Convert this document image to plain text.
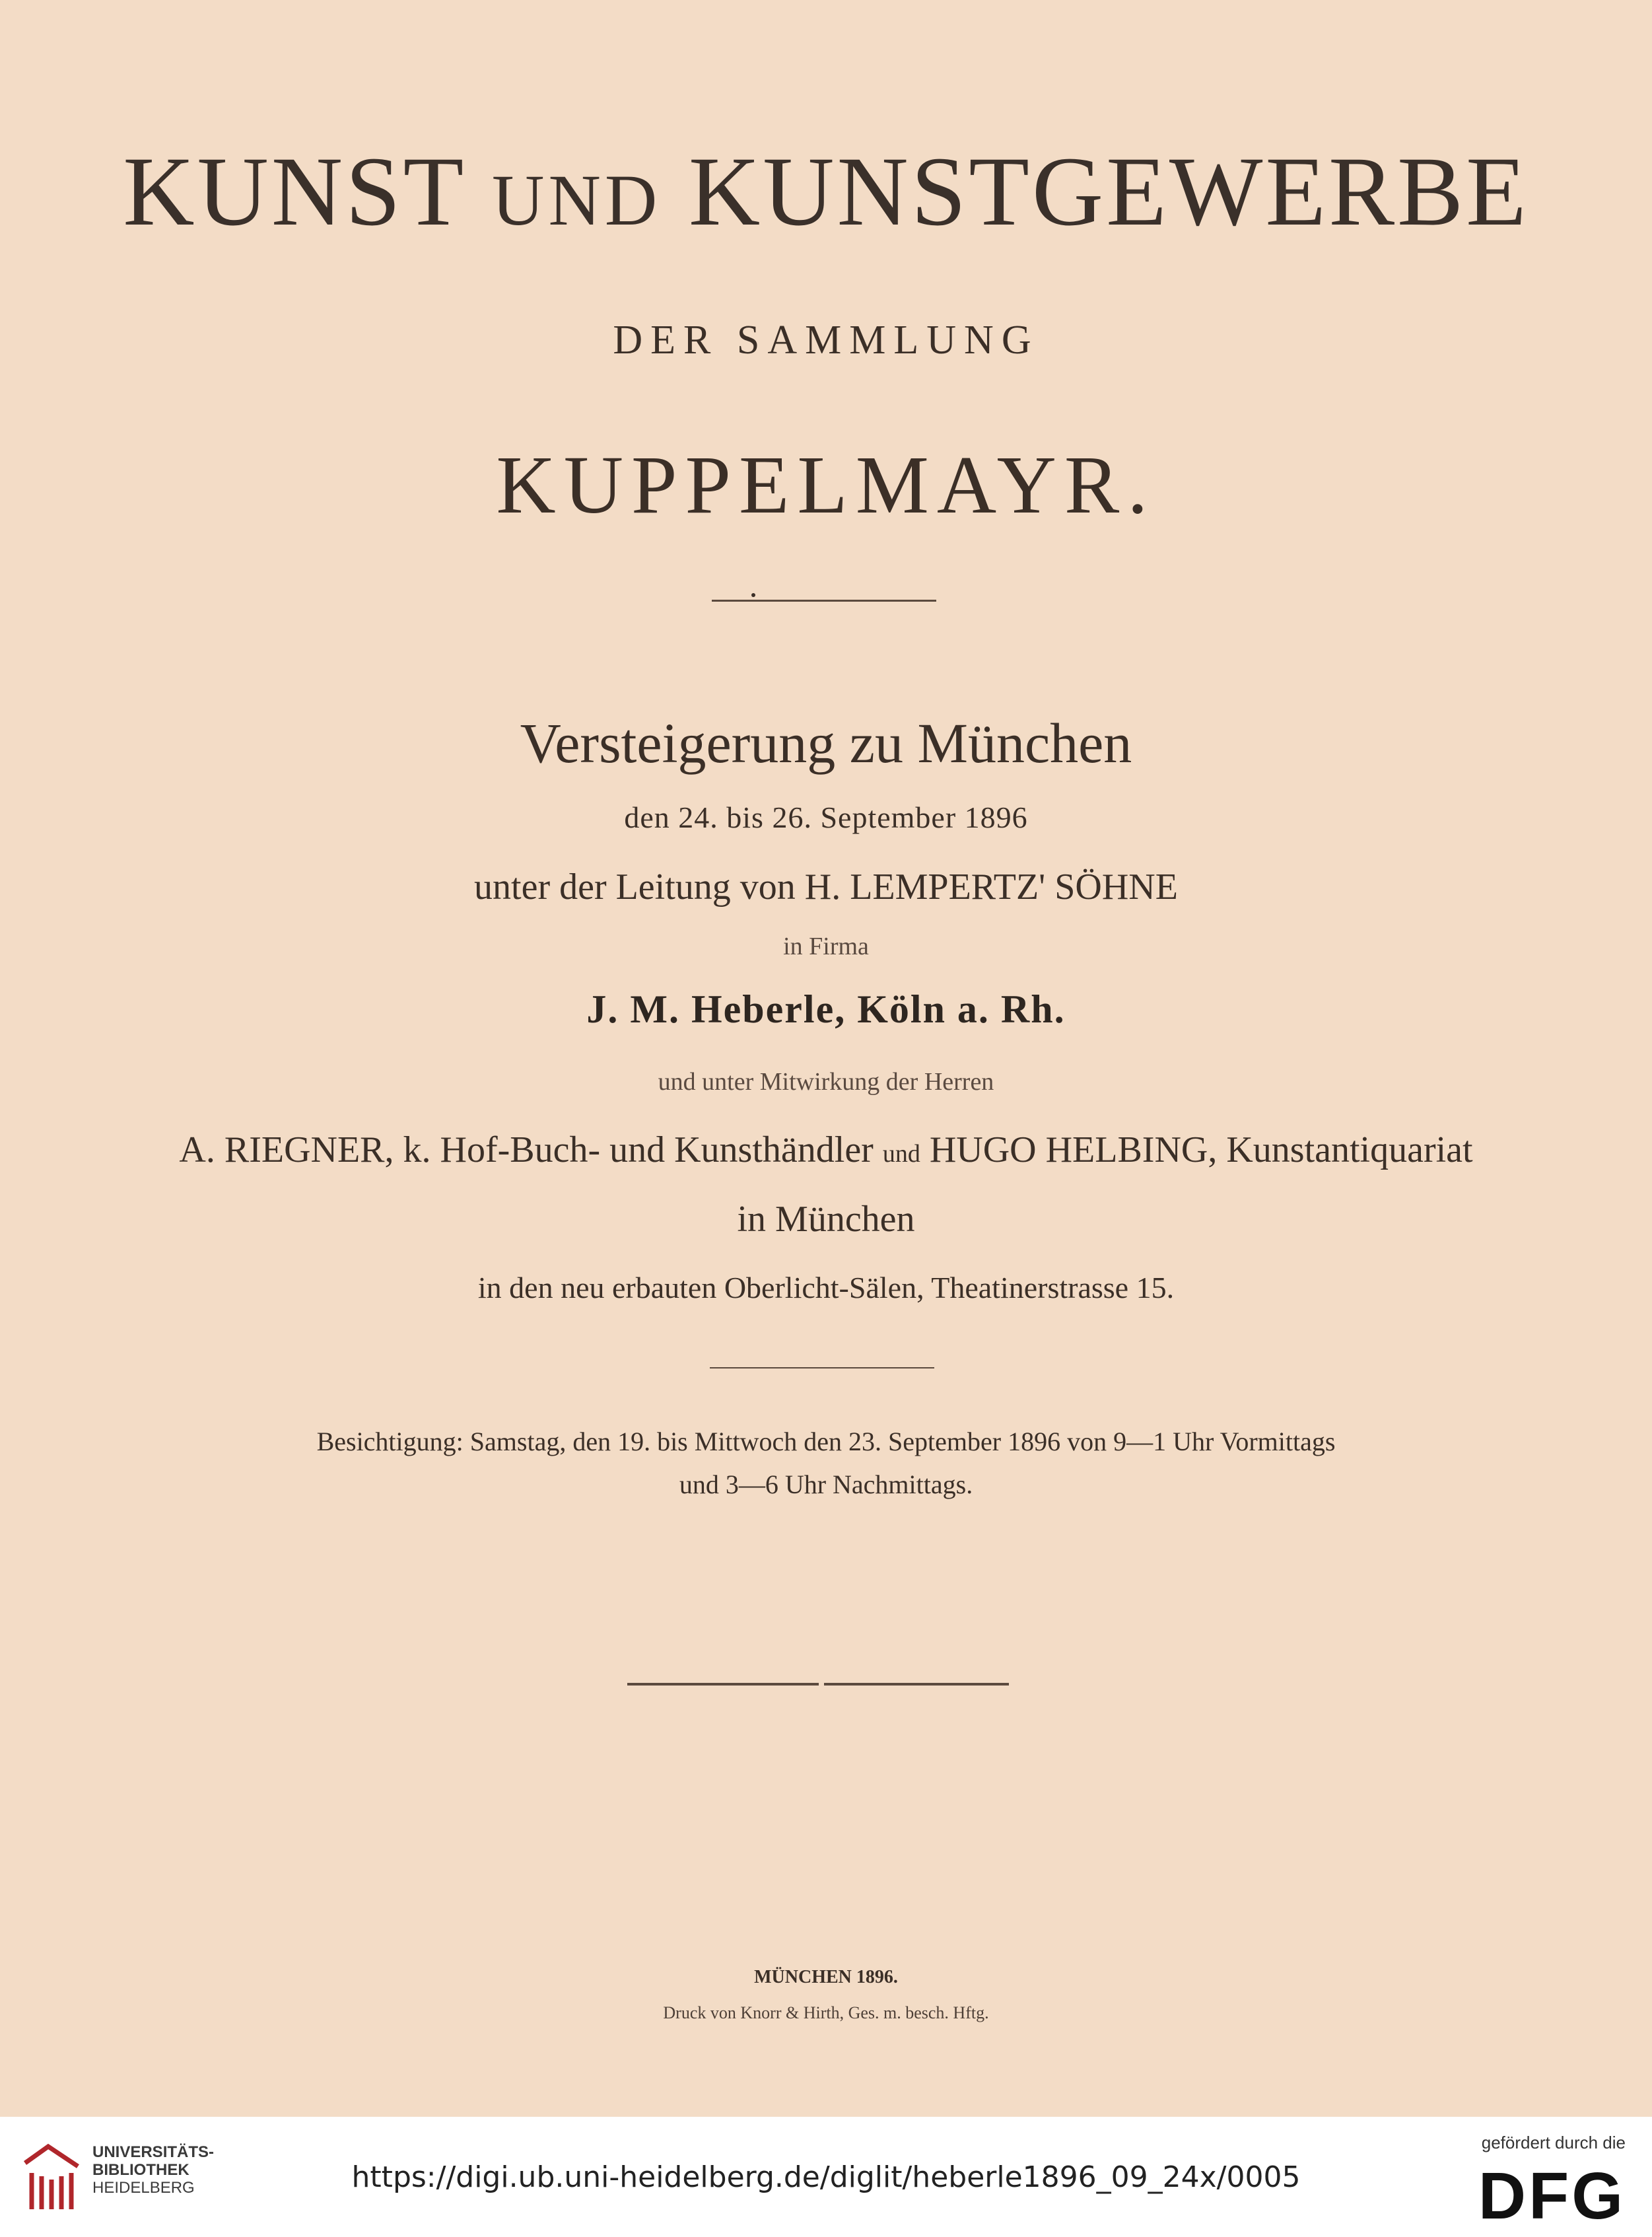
KUNST UND KUNSTGEWERBE
DER SAMMLUNG
KUPPELMAYR.
Versteigerung zu München
den 24. bis 26. September 1896
unter der Leitung von H. LEMPERTZ' SÖHNE
in Firma
J. M. Heberle, Köln a. Rh.
und unter Mitwirkung der Herren
A. RIEGNER, k. Hof-Buch- und Kunsthändler und HUGO HELBING, Kunstantiquariat
in München
in den neu erbauten Oberlicht-Sälen, Theatinerstrasse 15.
Besichtigung: Samstag, den 19. bis Mittwoch den 23. September 1896 von 9—1 Uhr Vormittags
und 3—6 Uhr Nachmittags.
MÜNCHEN 1896.
Druck von Knorr & Hirth, Ges. m. besch. Hftg.
UNIVERSITÄTS-
BIBLIOTHEK
HEIDELBERG	https://digi.ub.uni-heidelberg.de/diglit/heberle1896_09_24x/0005
gefördert durch die
DFG
